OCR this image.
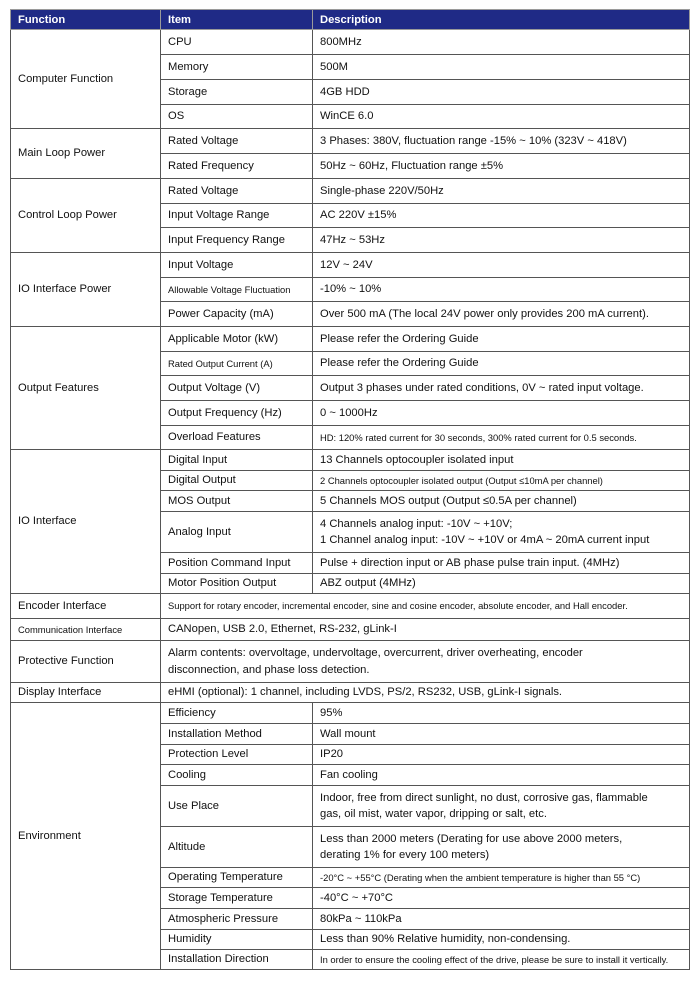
Function	Item	Description
Computer Function	CPU	800MHz
	Memory	500M
	Storage	4GB HDD
	OS	WinCE 6.0
Main Loop Power	Rated Voltage	3 Phases: 380V, fluctuation range -15% ~ 10% (323V ~ 418V)
	Rated Frequency	50Hz ~ 60Hz, Fluctuation range ±5%
Control Loop Power	Rated Voltage	Single-phase 220V/50Hz
	Input Voltage Range	AC 220V ±15%
	Input Frequency Range	47Hz ~ 53Hz
IO Interface Power	Input Voltage	12V ~ 24V
	Allowable Voltage Fluctuation	-10% ~ 10%
	Power Capacity (mA)	Over 500 mA (The local 24V power only provides 200 mA current).
Output Features	Applicable Motor (kW)	Please refer the Ordering Guide
	Rated Output Current (A)	Please refer the Ordering Guide
	Output Voltage (V)	Output 3 phases under rated conditions, 0V ~ rated input voltage.
	Output Frequency (Hz)	0 ~ 1000Hz
	Overload Features	HD: 120% rated current for 30 seconds, 300% rated current for 0.5 seconds.
IO Interface	Digital Input	13 Channels optocoupler isolated input
	Digital Output	2 Channels optocoupler isolated output (Output ≤10mA per channel)
	MOS Output	5 Channels MOS output (Output ≤0.5A per channel)
	Analog Input	4 Channels analog input: -10V ~ +10V;
1 Channel analog input: -10V ~ +10V or 4mA ~ 20mA current input

	Position Command Input	Pulse + direction input or AB phase pulse train input. (4MHz)
	Motor Position Output	ABZ output (4MHz)
Encoder Interface	Support for rotary encoder, incremental encoder, sine and cosine encoder, absolute encoder, and Hall encoder.	
Communication Interface	CANopen, USB 2.0, Ethernet, RS-232, gLink-I	
Protective Function	Alarm contents: overvoltage, undervoltage, overcurrent, driver overheating, encoder
disconnection, and phase loss detection.	

Display Interface	eHMI (optional): 1 channel, including LVDS, PS/2, RS232, USB, gLink-I signals.	
Environment	Efficiency	95%
	Installation Method	Wall mount
	Protection Level	IP20
	Cooling	Fan cooling
	Use Place	Indoor, free from direct sunlight, no dust, corrosive gas, flammable
gas, oil mist, water vapor, dripping or salt, etc.

	Altitude	Less than 2000 meters (Derating for use above 2000 meters,
derating 1% for every 100 meters)

	Operating Temperature	-20°C ~ +55°C (Derating when the ambient temperature is higher than 55 °C)
	Storage Temperature	-40°C ~ +70°C
	Atmospheric Pressure	80kPa ~ 110kPa
	Humidity	Less than 90% Relative humidity, non-condensing.
	Installation Direction	In order to ensure the cooling effect of the drive, please be sure to install it vertically.
